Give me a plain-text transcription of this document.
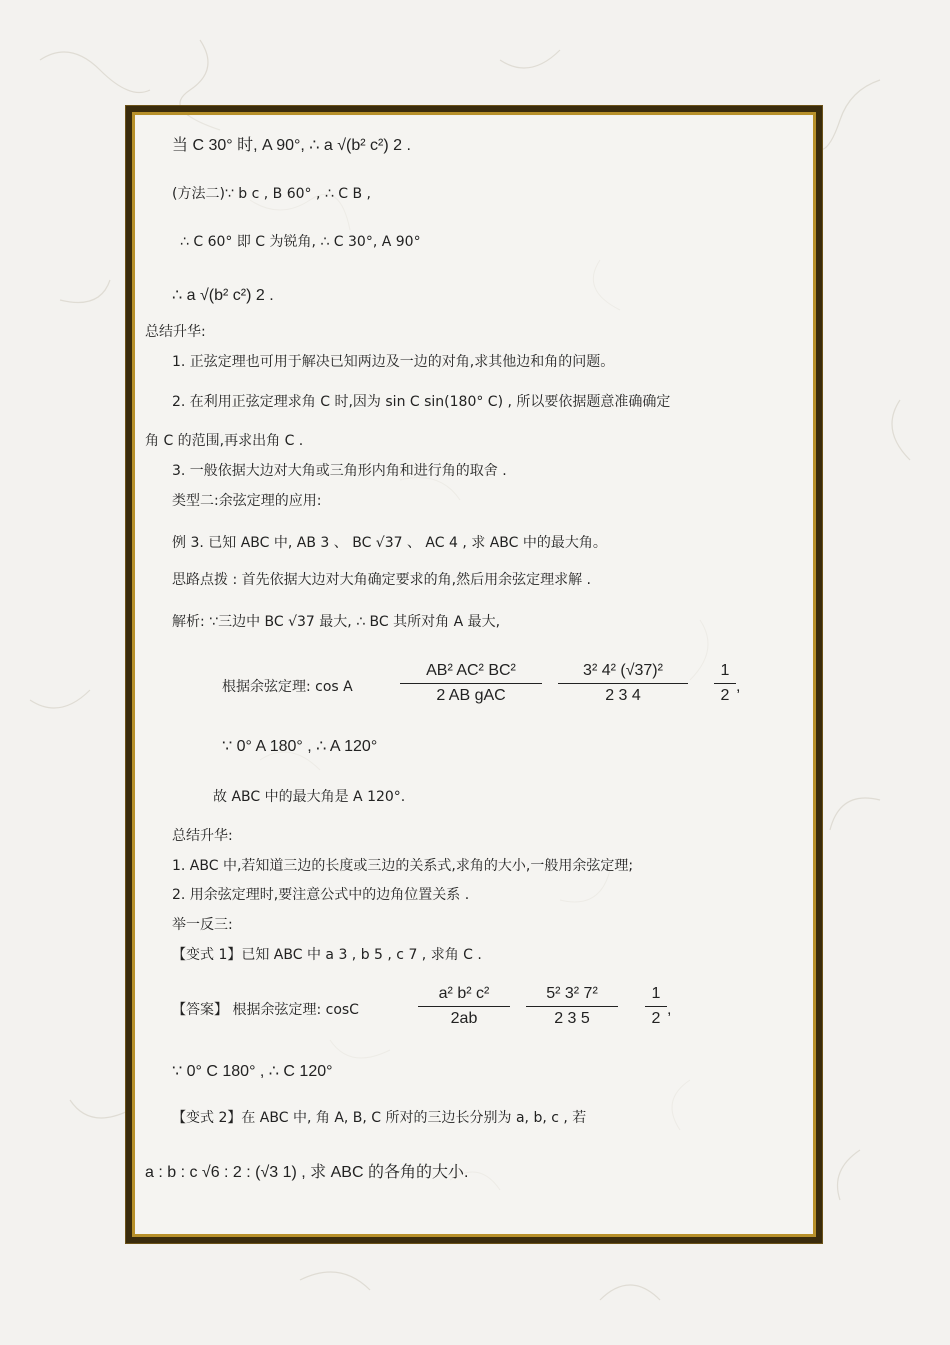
当 C 30° 时, A 90°, ∴ a √(b² c²) 2 .
(方法二)∵ b c , B 60° , ∴ C B ,
∴ C 60° 即 C 为锐角, ∴ C 30°, A 90°
∴ a √(b² c²) 2 .
总结升华:
1. 正弦定理也可用于解决已知两边及一边的对角,求其他边和角的问题。
2. 在利用正弦定理求角 C 时,因为 sin C sin(180° C) , 所以要依据题意准确确定
角 C 的范围,再求出角 C .
3. 一般依据大边对大角或三角形内角和进行角的取舍 .
类型二:余弦定理的应用:
例 3. 已知 ABC 中, AB 3 、 BC √37 、 AC 4 , 求 ABC 中的最大角。
思路点拨 : 首先依据大边对大角确定要求的角,然后用余弦定理求解 .
解析: ∵三边中 BC √37 最大, ∴ BC 其所对角 A 最大,
根据余弦定理: cos A
AB² AC² BC²
2 AB gAC	$\frac{\text{3² 4² (√37)²}}{2 3 4} \frac{1}{2}$ ,
∵ 0° A 180° , ∴ A 120°
故 ABC 中的最大角是 A 120°.
总结升华:
1. ABC 中,若知道三边的长度或三边的关系式,求角的大小,一般用余弦定理;
2. 用余弦定理时,要注意公式中的边角位置关系 .
举一反三:
【变式 1】已知 ABC 中 a 3 , b 5 , c 7 , 求角 C .
【答案】 根据余弦定理: cosC	$\frac{\text{a² b² c²}}{2ab} \frac{\text{5² 3² 7²}}{2 3 5} \frac{1}{2}$ ,
∵ 0° C 180° , ∴ C 120°
【变式 2】在 ABC 中, 角 A, B, C 所对的三边长分别为 a, b, c , 若
a : b : c √6 : 2 : (√3 1) , 求 ABC 的各角的大小.
